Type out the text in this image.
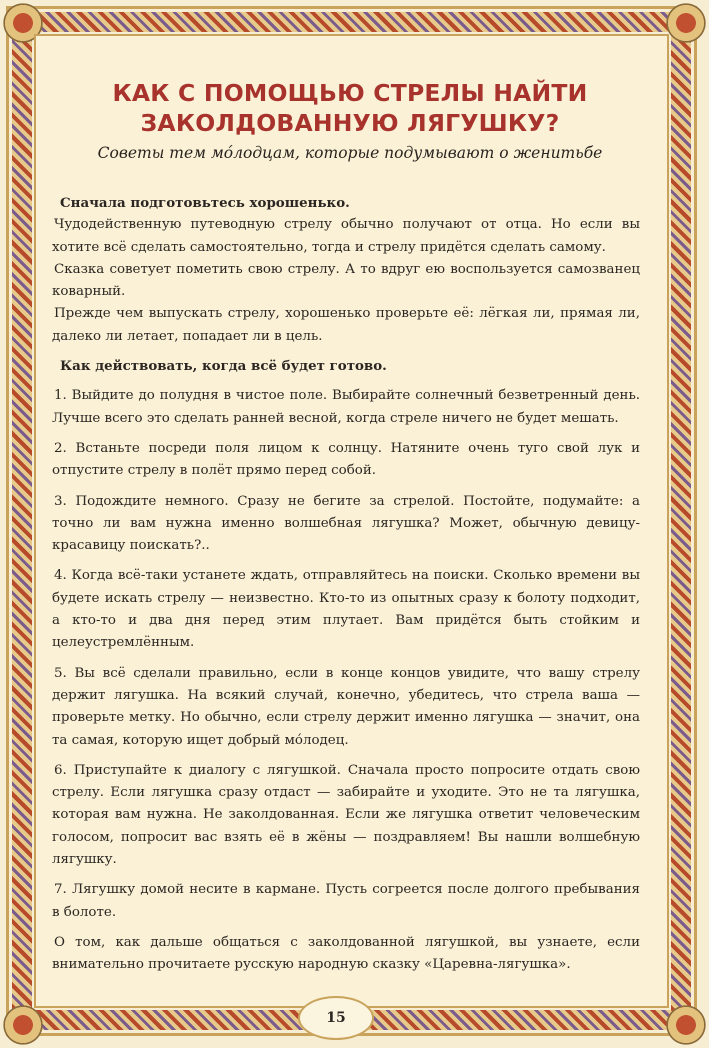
КАК С ПОМОЩЬЮ СТРЕЛЫ НАЙТИ ЗАКОЛДОВАННУЮ ЛЯГУШКУ?

Советы тем мо́лодцам, которые подумывают о женитьбе

Сначала подготовьтесь хорошенько.

Чудодейственную путеводную стрелу обычно получают от отца. Но если вы хотите всё сделать самостоятельно, тогда и стрелу придётся сделать самому.

Сказка советует пометить свою стрелу. А то вдруг ею воспользуется самозванец коварный.

Прежде чем выпускать стрелу, хорошенько проверьте её: лёгкая ли, прямая ли, далеко ли летает, попадает ли в цель.

Как действовать, когда всё будет готово.

1. Выйдите до полудня в чистое поле. Выбирайте солнечный безветренный день. Лучше всего это сделать ранней весной, когда стреле ничего не будет мешать.

2. Встаньте посреди поля лицом к солнцу. Натяните очень туго свой лук и отпустите стрелу в полёт прямо перед собой.

3. Подождите немного. Сразу не бегите за стрелой. Постойте, подумайте: а точно ли вам нужна именно волшебная лягушка? Может, обычную девицу-красавицу поискать?..

4. Когда всё-таки устанете ждать, отправляйтесь на поиски. Сколько времени вы будете искать стрелу — неизвестно. Кто-то из опытных сразу к болоту подходит, а кто-то и два дня перед этим плутает. Вам придётся быть стойким и целеустремлённым.

5. Вы всё сделали правильно, если в конце концов увидите, что вашу стрелу держит лягушка. На всякий случай, конечно, убедитесь, что стрела ваша — проверьте метку. Но обычно, если стрелу держит именно лягушка — значит, она та самая, которую ищет добрый мо́лодец.

6. Приступайте к диалогу с лягушкой. Сначала просто попросите отдать свою стрелу. Если лягушка сразу отдаст — забирайте и уходите. Это не та лягушка, которая вам нужна. Не заколдованная. Если же лягушка ответит человеческим голосом, попросит вас взять её в жёны — поздравляем! Вы нашли волшебную лягушку.

7. Лягушку домой несите в кармане. Пусть согреется после долгого пребывания в болоте.

О том, как дальше общаться с заколдованной лягушкой, вы узнаете, если внимательно прочитаете русскую народную сказку «Царевна-лягушка».

15
